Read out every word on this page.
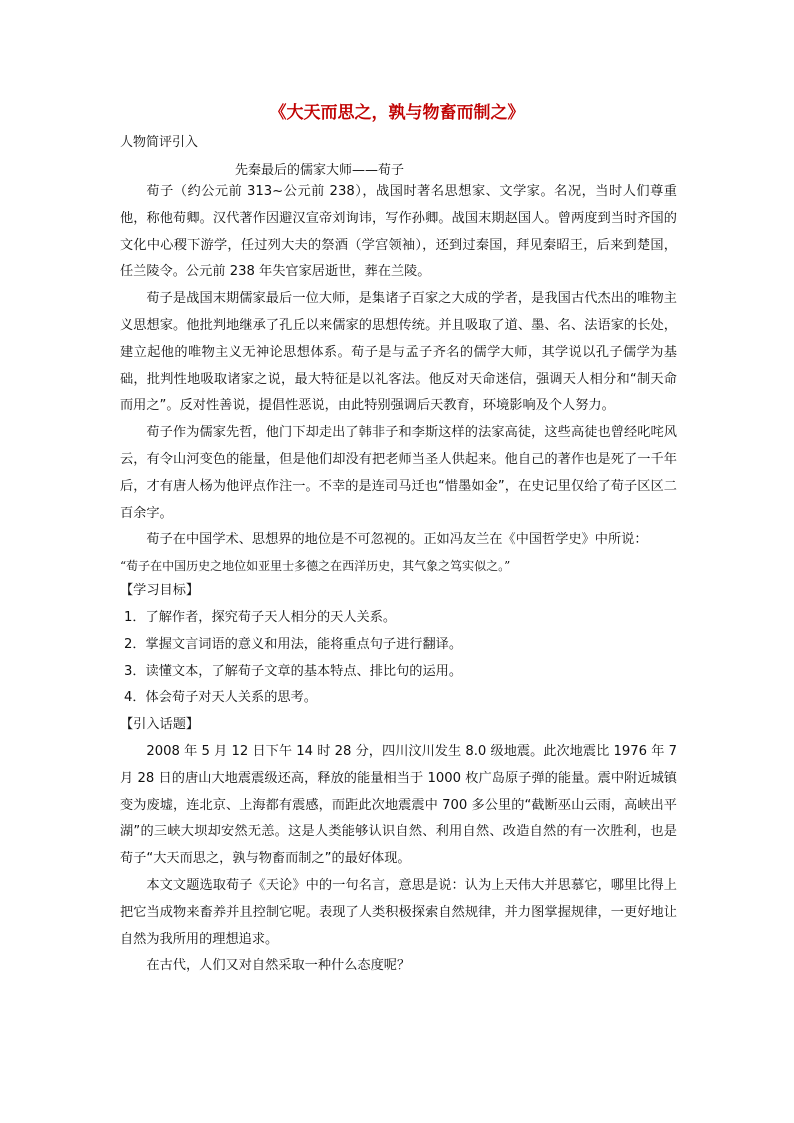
《大天而思之，孰与物畜而制之》
人物简评引入
先秦最后的儒家大师——荀子

荀子（约公元前 313~公元前 238），战国时著名思想家、文学家。名况，当时人们尊重他，称他荀卿。汉代著作因避汉宣帝刘询讳，写作孙卿。战国末期赵国人。曾两度到当时齐国的文化中心稷下游学，任过列大夫的祭酒（学宫领袖），还到过秦国，拜见秦昭王，后来到楚国，任兰陵令。公元前 238 年失官家居逝世，葬在兰陵。

荀子是战国末期儒家最后一位大师，是集诸子百家之大成的学者，是我国古代杰出的唯物主义思想家。他批判地继承了孔丘以来儒家的思想传统。并且吸取了道、墨、名、法语家的长处，建立起他的唯物主义无神论思想体系。荀子是与孟子齐名的儒学大师，其学说以孔子儒学为基础，批判性地吸取诸家之说，最大特征是以礼客法。他反对天命迷信，强调天人相分和“制天命而用之”。反对性善说，提倡性恶说，由此特别强调后天教育，环境影响及个人努力。

荀子作为儒家先哲，他门下却走出了韩非子和李斯这样的法家高徒，这些高徒也曾经叱咤风云，有令山河变色的能量，但是他们却没有把老师当圣人供起来。他自己的著作也是死了一千年后，才有唐人杨为他评点作注一。不幸的是连司马迁也“惜墨如金”，在史记里仅给了荀子区区二百余字。

荀子在中国学术、思想界的地位是不可忽视的。正如冯友兰在《中国哲学史》中所说：

“荀子在中国历史之地位如亚里士多德之在西洋历史，其气象之笃实似之。”

【学习目标】

1．了解作者，探究荀子天人相分的天人关系。

2．掌握文言词语的意义和用法，能将重点句子进行翻译。

3．读懂文本，了解荀子文章的基本特点、排比句的运用。

4．体会荀子对天人关系的思考。

【引入话题】

2008 年 5 月 12 日下午 14 时 28 分，四川汶川发生 8.0 级地震。此次地震比 1976 年 7 月 28 日的唐山大地震震级还高，释放的能量相当于 1000 枚广岛原子弹的能量。震中附近城镇变为废墟，连北京、上海都有震感，而距此次地震震中 700 多公里的“截断巫山云雨，高峡出平湖”的三峡大坝却安然无恙。这是人类能够认识自然、利用自然、改造自然的有一次胜利，也是荀子“大天而思之，孰与物畜而制之”的最好体现。

本文文题选取荀子《天论》中的一句名言，意思是说：认为上天伟大并思慕它，哪里比得上把它当成物来畜养并且控制它呢。表现了人类积极探索自然规律，并力图掌握规律，一更好地让自然为我所用的理想追求。

在古代，人们又对自然采取一种什么态度呢？
